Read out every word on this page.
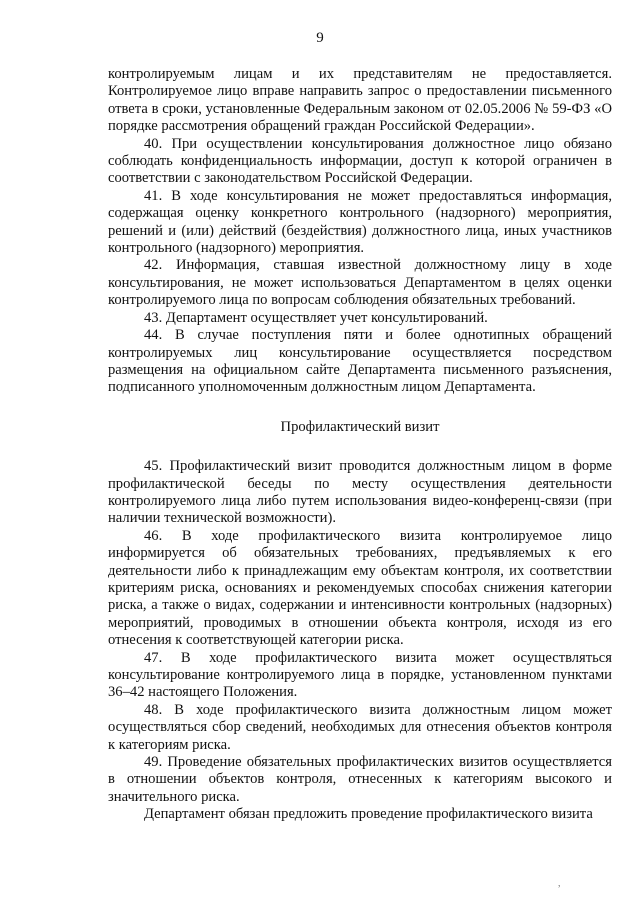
9

контролируемым лицам и их представителям не предоставляется. Контролируемое лицо вправе направить запрос о предоставлении письменного ответа в сроки, установленные Федеральным законом от 02.05.2006 № 59-ФЗ «О порядке рассмотрения обращений граждан Российской Федерации».

40. При осуществлении консультирования должностное лицо обязано соблюдать конфиденциальность информации, доступ к которой ограничен в соответствии с законодательством Российской Федерации.

41. В ходе консультирования не может предоставляться информация, содержащая оценку конкретного контрольного (надзорного) мероприятия, решений и (или) действий (бездействия) должностного лица, иных участников контрольного (надзорного) мероприятия.

42. Информация, ставшая известной должностному лицу в ходе консультирования, не может использоваться Департаментом в целях оценки контролируемого лица по вопросам соблюдения обязательных требований.

43. Департамент осуществляет учет консультирований.

44. В случае поступления пяти и более однотипных обращений контролируемых лиц консультирование осуществляется посредством размещения на официальном сайте Департамента письменного разъяснения, подписанного уполномоченным должностным лицом Департамента.

Профилактический визит

45. Профилактический визит проводится должностным лицом в форме профилактической беседы по месту осуществления деятельности контролируемого лица либо путем использования видео-конференц-связи (при наличии технической возможности).

46. В ходе профилактического визита контролируемое лицо информируется об обязательных требованиях, предъявляемых к его деятельности либо к принадлежащим ему объектам контроля, их соответствии критериям риска, основаниях и рекомендуемых способах снижения категории риска, а также о видах, содержании и интенсивности контрольных (надзорных) мероприятий, проводимых в отношении объекта контроля, исходя из его отнесения к соответствующей категории риска.

47. В ходе профилактического визита может осуществляться консультирование контролируемого лица в порядке, установленном пунктами 36–42 настоящего Положения.

48. В ходе профилактического визита должностным лицом может осуществляться сбор сведений, необходимых для отнесения объектов контроля к категориям риска.

49. Проведение обязательных профилактических визитов осуществляется в отношении объектов контроля, отнесенных к категориям высокого и значительного риска.

Департамент обязан предложить проведение профилактического визита

,
